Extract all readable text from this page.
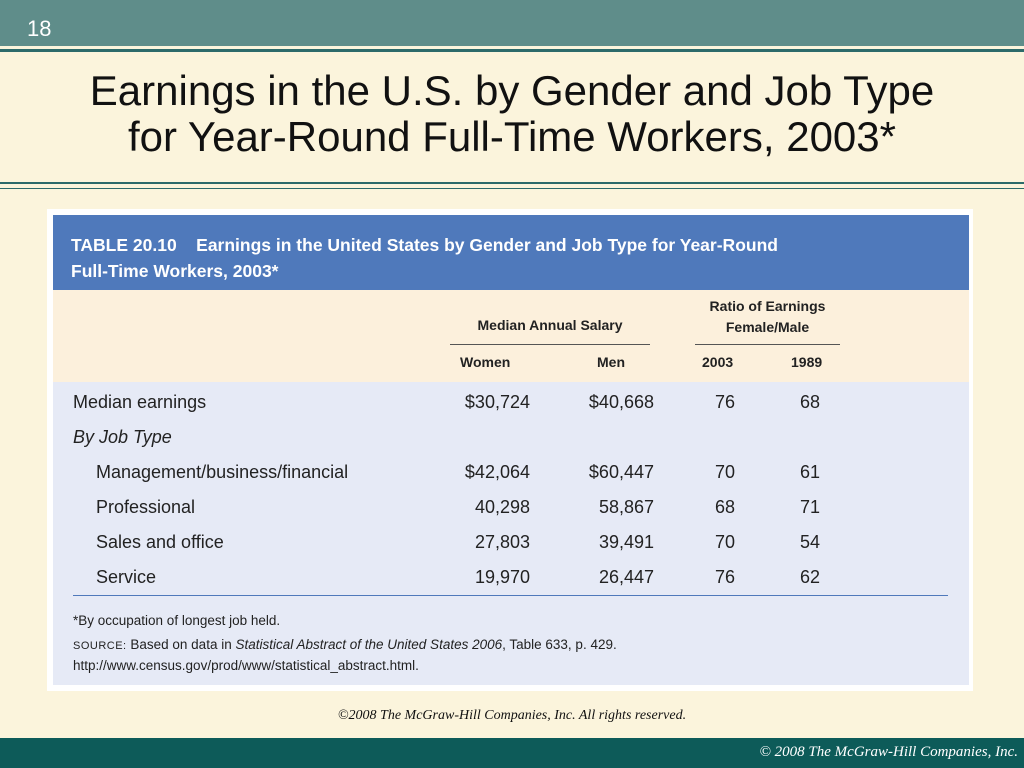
18
Earnings in the U.S. by Gender and Job Type
for Year-Round Full-Time Workers, 2003*
TABLE 20.10 Earnings in the United States by Gender and Job Type for Year-Round
Full-Time Workers, 2003*
Median Annual Salary
Ratio of Earnings
Female/Male
Women	Men	2003	1989
Median earnings	$30,724	$40,668	76	68
By Job Type
Management/business/financial	$42,064	$60,447	70	61
Professional	40,298	58,867	68	71
Sales and office	27,803	39,491	70	54
Service	19,970	26,447	76	62
*By occupation of longest job held.
SOURCE: Based on data in Statistical Abstract of the United States 2006, Table 633, p. 429. http://www.census.gov/prod/www/statistical_abstract.html.
©2008 The McGraw-Hill Companies, Inc. All rights reserved.
© 2008 The McGraw-Hill Companies, Inc.
